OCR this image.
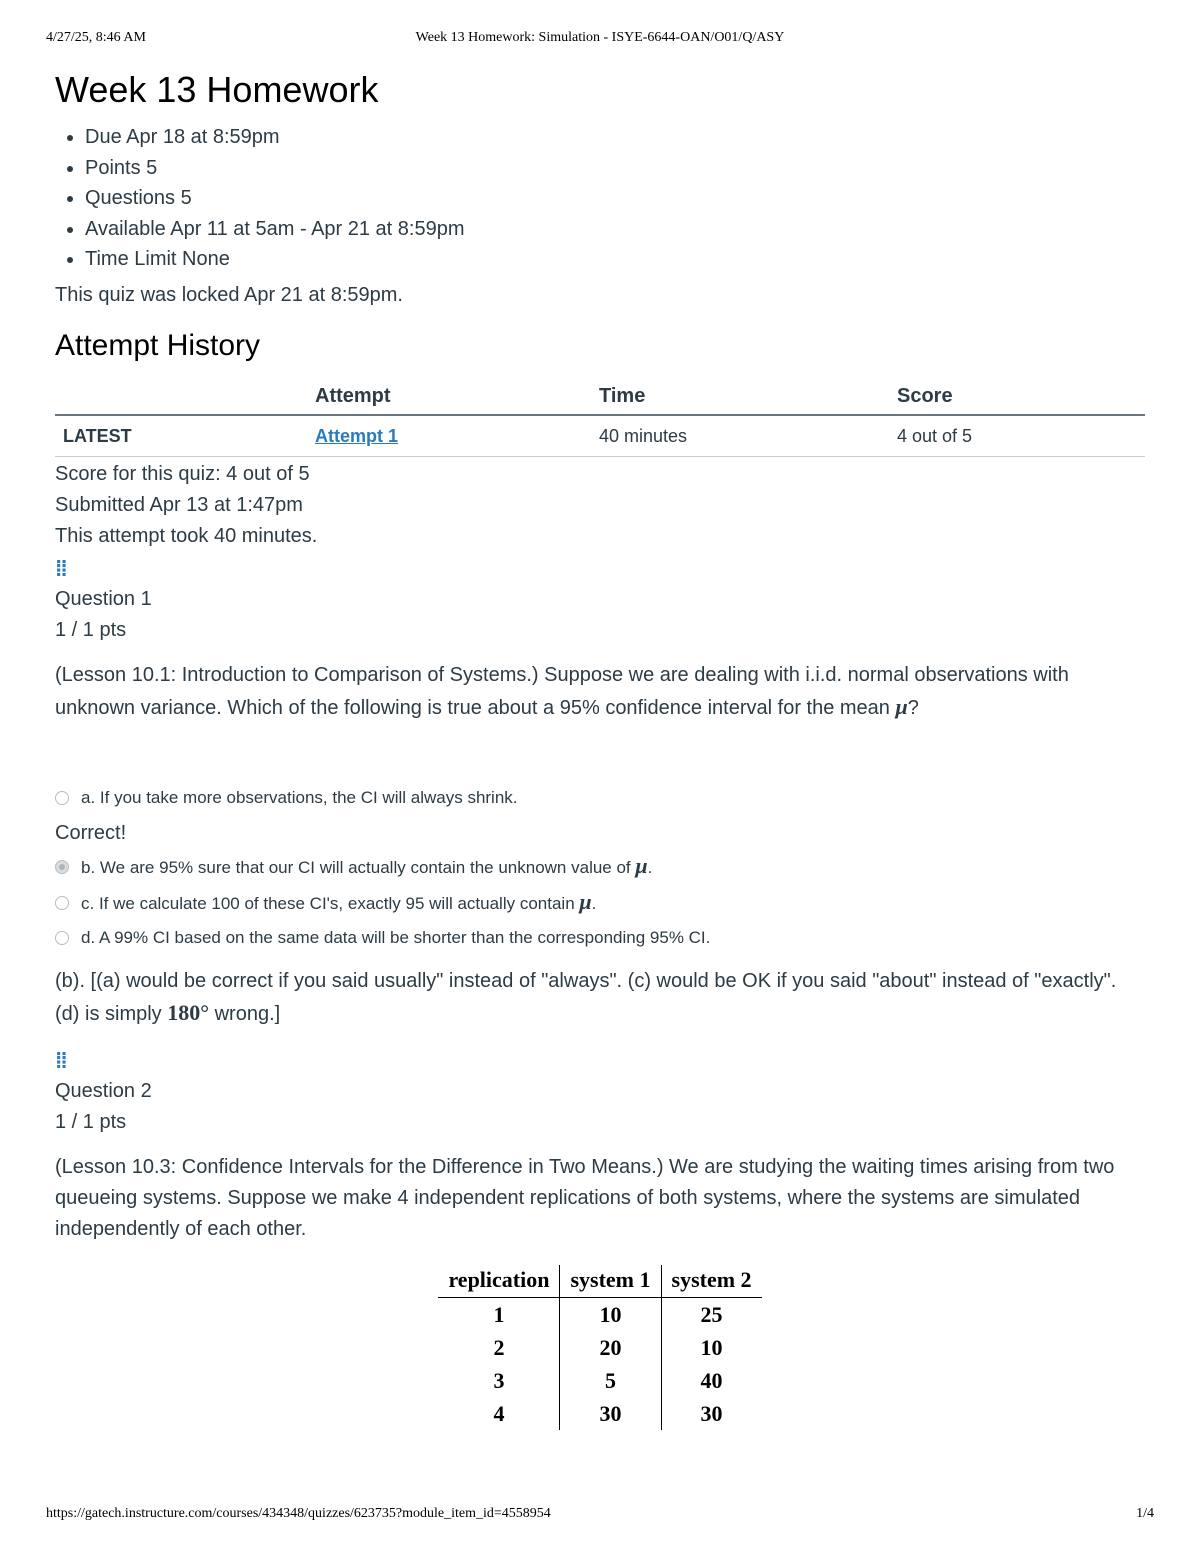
4/27/25, 8:46 AM	Week 13 Homework: Simulation - ISYE-6644-OAN/O01/Q/ASY
Week 13 Homework
• Due Apr 18 at 8:59pm
• Points 5
• Questions 5
• Available Apr 11 at 5am - Apr 21 at 8:59pm
• Time Limit None
This quiz was locked Apr 21 at 8:59pm.
Attempt History
	Attempt	Time	Score
LATEST	Attempt 1	40 minutes	4 out of 5

Score for this quiz: 4 out of 5

Submitted Apr 13 at 1:47pm

This attempt took 40 minutes.

⁞⁞
Question 1
1 / 1 pts
(Lesson 10.1: Introduction to Comparison of Systems.) Suppose we are dealing with i.i.d. normal observations with unknown variance. Which of the following is true about a 95% confidence interval for the mean μ?
a. If you take more observations, the CI will always shrink.
Correct!
b. We are 95% sure that our CI will actually contain the unknown value of μ.
c. If we calculate 100 of these CI's, exactly 95 will actually contain μ.
d. A 99% CI based on the same data will be shorter than the corresponding 95% CI.
(b). [(a) would be correct if you said usually" instead of "always". (c) would be OK if you said "about" instead of "exactly". (d) is simply 180° wrong.]
⁞⁞
Question 2
1 / 1 pts
(Lesson 10.3: Confidence Intervals for the Difference in Two Means.) We are studying the waiting times arising from two queueing systems. Suppose we make 4 independent replications of both systems, where the systems are simulated independently of each other.
replication	system 1	system 2
1	10	25
2	20	10
3	5	40
4	30	30
https://gatech.instructure.com/courses/434348/quizzes/623735?module_item_id=4558954	1/4
